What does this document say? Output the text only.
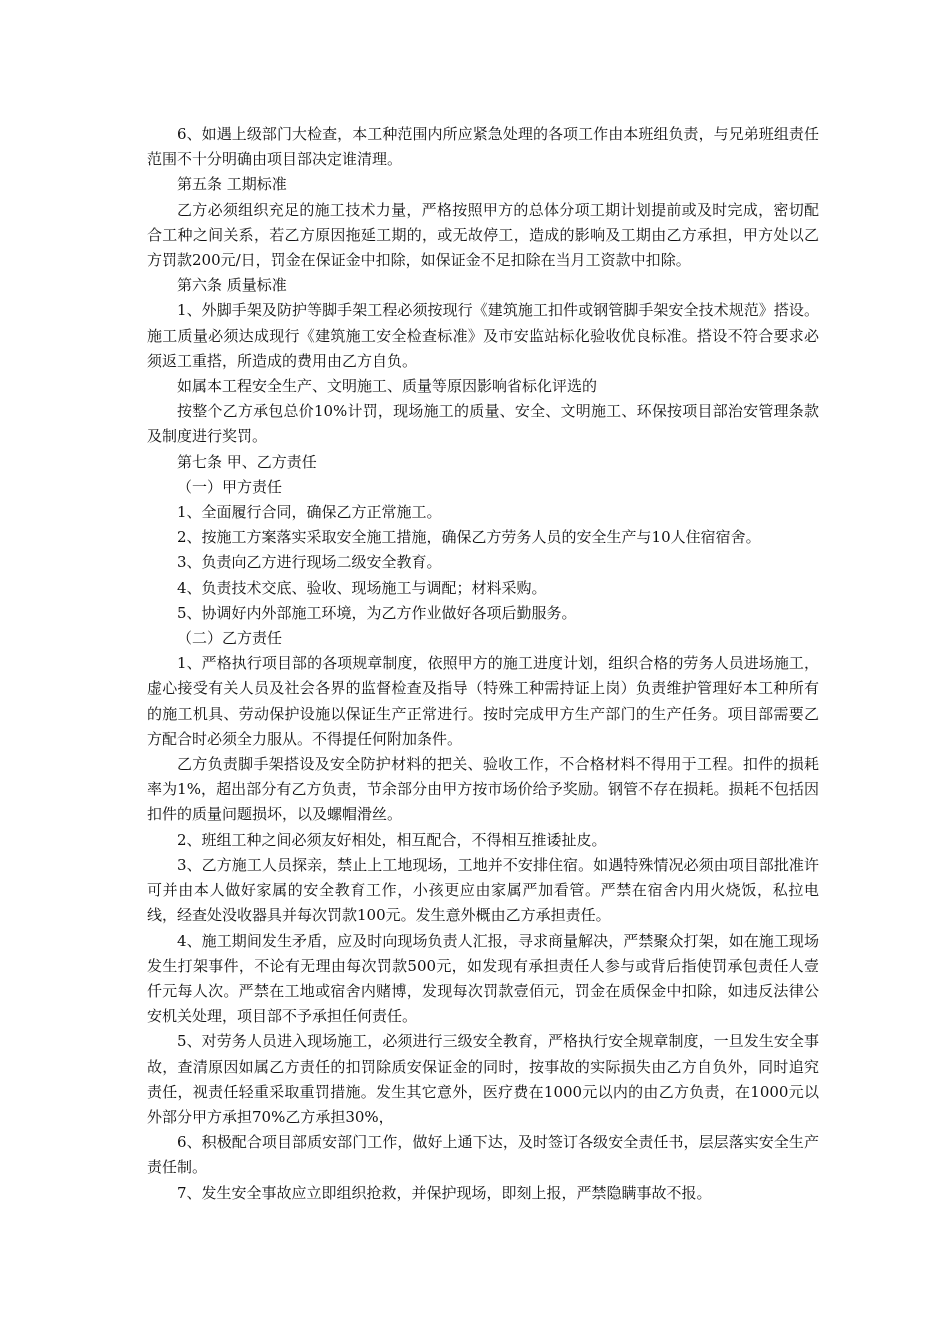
6、如遇上级部门大检查，本工种范围内所应紧急处理的各项工作由本班组负责，与兄弟班组责任范围不十分明确由项目部决定谁清理。

第五条 工期标准

乙方必须组织充足的施工技术力量，严格按照甲方的总体分项工期计划提前或及时完成，密切配合工种之间关系，若乙方原因拖延工期的，或无故停工，造成的影响及工期由乙方承担，甲方处以乙方罚款200元/日，罚金在保证金中扣除，如保证金不足扣除在当月工资款中扣除。

第六条 质量标准

1、外脚手架及防护等脚手架工程必须按现行《建筑施工扣件或钢管脚手架安全技术规范》搭设。施工质量必须达成现行《建筑施工安全检查标准》及市安监站标化验收优良标准。搭设不符合要求必须返工重搭，所造成的费用由乙方自负。

如属本工程安全生产、文明施工、质量等原因影响省标化评选的

按整个乙方承包总价10%计罚，现场施工的质量、安全、文明施工、环保按项目部治安管理条款及制度进行奖罚。

第七条 甲、乙方责任

（一）甲方责任

1、全面履行合同，确保乙方正常施工。

2、按施工方案落实采取安全施工措施，确保乙方劳务人员的安全生产与10人住宿宿舍。

3、负责向乙方进行现场二级安全教育。

4、负责技术交底、验收、现场施工与调配；材料采购。

5、协调好内外部施工环境，为乙方作业做好各项后勤服务。

（二）乙方责任

1、严格执行项目部的各项规章制度，依照甲方的施工进度计划，组织合格的劳务人员进场施工，虚心接受有关人员及社会各界的监督检查及指导（特殊工种需持证上岗）负责维护管理好本工种所有的施工机具、劳动保护设施以保证生产正常进行。按时完成甲方生产部门的生产任务。项目部需要乙方配合时必须全力服从。不得提任何附加条件。

乙方负责脚手架搭设及安全防护材料的把关、验收工作，不合格材料不得用于工程。扣件的损耗率为1%，超出部分有乙方负责，节余部分由甲方按市场价给予奖励。钢管不存在损耗。损耗不包括因扣件的质量问题损坏，以及螺帽滑丝。

2、班组工种之间必须友好相处，相互配合，不得相互推诿扯皮。

3、乙方施工人员探亲，禁止上工地现场，工地并不安排住宿。如遇特殊情况必须由项目部批准许可并由本人做好家属的安全教育工作，小孩更应由家属严加看管。严禁在宿舍内用火烧饭，私拉电线，经查处没收器具并每次罚款100元。发生意外概由乙方承担责任。

4、施工期间发生矛盾，应及时向现场负责人汇报，寻求商量解决，严禁聚众打架，如在施工现场发生打架事件，不论有无理由每次罚款500元，如发现有承担责任人参与或背后指使罚承包责任人壹仟元每人次。严禁在工地或宿舍内赌博，发现每次罚款壹佰元，罚金在质保金中扣除，如违反法律公安机关处理，项目部不予承担任何责任。

5、对劳务人员进入现场施工，必须进行三级安全教育，严格执行安全规章制度，一旦发生安全事故，查清原因如属乙方责任的扣罚除质安保证金的同时，按事故的实际损失由乙方自负外，同时追究责任，视责任轻重采取重罚措施。发生其它意外，医疗费在1000元以内的由乙方负责，在1000元以外部分甲方承担70%乙方承担30%，

6、积极配合项目部质安部门工作，做好上通下达，及时签订各级安全责任书，层层落实安全生产责任制。

7、发生安全事故应立即组织抢救，并保护现场，即刻上报，严禁隐瞒事故不报。
